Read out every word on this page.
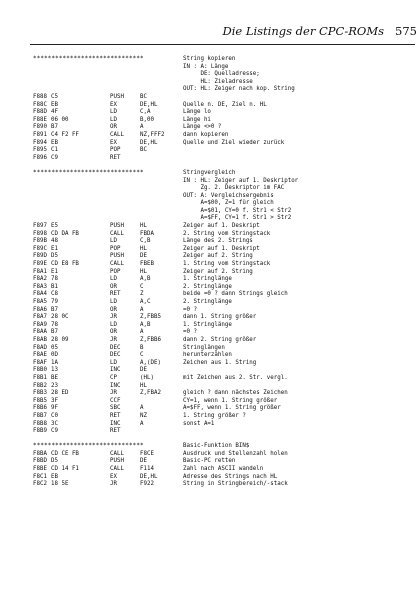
Die Listings der CPC-ROMs 575
******************************	String kopieren
IN : A: Länge
DE: Quelladresse;
HL: Zieladresse
OUT: HL: Zeiger nach kop. String
F888 C5	PUSH	BC
F88C EB	EX	DE,HL	Quelle n. DE, Ziel n. HL
F88D 4F	LD	C,A	Länge lo
F88E 06 00	LD	B,00	Länge hi
F890 B7	OR	A	Länge <>0 ?
F891 C4 F2 FF	CALL	NZ,FFF2	dann kopieren
F894 EB	EX	DE,HL	Quelle und Ziel wieder zurück
F895 C1	POP	BC
F896 C9	RET
******************************	Stringvergleich
IN : HL: Zeiger auf 1. Deskriptor
Zg. 2. Deskriptor im FAC
OUT: A: Vergleichsergebnis
A=$00, Z=1 für gleich
A=$01, CY=0 f. Str1 < Str2
A=$FF, CY=1 f. Str1 > Str2
F897 E5	PUSH	HL	Zeiger auf 1. Deskript
F898 CD DA FB	CALL	FBDA	2. String vom Stringstack
F89B 48	LD	C,B	Länge des 2. Strings
F89C E1	POP	HL	Zeiger auf 1. Deskript
F89D D5	PUSH	DE	Zeiger auf 2. String
F89E CD E8 FB	CALL	FBEB	1. String vom Stringstack
F8A1 E1	POP	HL	Zeiger auf 2. String
F8A2 78	LD	A,B	1. Stringlänge
F8A3 B1	OR	C	2. Stringlänge
F8A4 C8	RET	Z	beide =0 ? dann Strings gleich
F8A5 79	LD	A,C	2. Stringlänge
F8A6 B7	OR	A	=0 ?
F8A7 28 0C	JR	Z,FBB5	dann 1. String größer
F8A9 78	LD	A,B	1. Stringlänge
F8AA B7	OR	A	=0 ?
F8AB 28 09	JR	Z,FBB6	dann 2. String größer
F8AD 05	DEC	B	Stringlängen
F8AE 0D	DEC	C	herunterzählen
F8AF 1A	LD	A,(DE)	Zeichen aus 1. String
F8B0 13	INC	DE
F8B1 BE	CP	(HL)	mit Zeichen aus 2. Str. vergl.
F8B2 23	INC	HL
F8B3 28 ED	JR	Z,FBA2	gleich ? dann nächstes Zeichen
F8B5 3F	CCF	CY=1, wenn 1. String größer
F8B6 9F	SBC	A	A=$FF, wenn 1. String größer
F8B7 C0	RET	NZ	1. String größer ?
F8B8 3C	INC	A	sonst A=1
F8B9 C9	RET
******************************	Basic-Funktion BIN$
F8BA CD CE FB	CALL	F8CE	Ausdruck und Stellenzahl holen
F8BD D5	PUSH	DE	Basic-PC retten
F8BE CD 14 F1	CALL	F114	Zahl nach ASCII wandeln
F8C1 EB	EX	DE,HL	Adresse des Strings nach HL
F8C2 18 5E	JR	F922	String in Stringbereich/-stack
